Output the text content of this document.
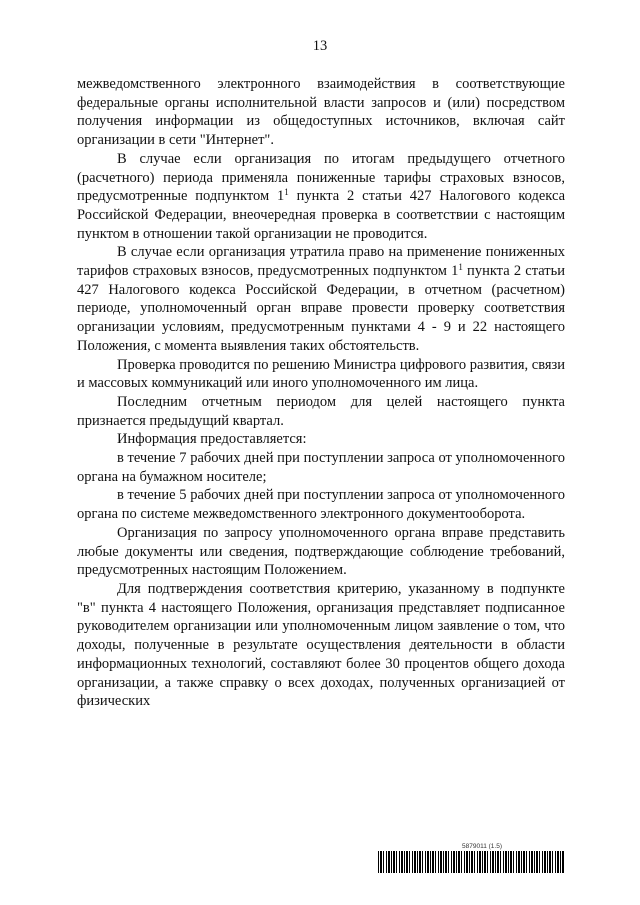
13

межведомственного электронного взаимодействия в соответствующие федеральные органы исполнительной власти запросов и (или) посредством получения информации из общедоступных источников, включая сайт организации в сети "Интернет".

В случае если организация по итогам предыдущего отчетного (расчетного) периода применяла пониженные тарифы страховых взносов, предусмотренные подпунктом $1^1$ пункта 2 статьи 427 Налогового кодекса Российской Федерации, внеочередная проверка в соответствии с настоящим пунктом в отношении такой организации не проводится.

В случае если организация утратила право на применение пониженных тарифов страховых взносов, предусмотренных подпунктом $1^1$ пункта 2 статьи 427 Налогового кодекса Российской Федерации, в отчетном (расчетном) периоде, уполномоченный орган вправе провести проверку соответствия организации условиям, предусмотренным пунктами 4 - 9 и 22 настоящего Положения, с момента выявления таких обстоятельств.

Проверка проводится по решению Министра цифрового развития, связи и массовых коммуникаций или иного уполномоченного им лица.

Последним отчетным периодом для целей настоящего пункта признается предыдущий квартал.

Информация предоставляется:

в течение 7 рабочих дней при поступлении запроса от уполномоченного органа на бумажном носителе;

в течение 5 рабочих дней при поступлении запроса от уполномоченного органа по системе межведомственного электронного документооборота.

Организация по запросу уполномоченного органа вправе представить любые документы или сведения, подтверждающие соблюдение требований, предусмотренных настоящим Положением.

Для подтверждения соответствия критерию, указанному в подпункте "в" пункта 4 настоящего Положения, организация представляет подписанное руководителем организации или уполномоченным лицом заявление о том, что доходы, полученные в результате осуществления деятельности в области информационных технологий, составляют более 30 процентов общего дохода организации, а также справку о всех доходах, полученных организацией от физических

5879011 (1.5)
